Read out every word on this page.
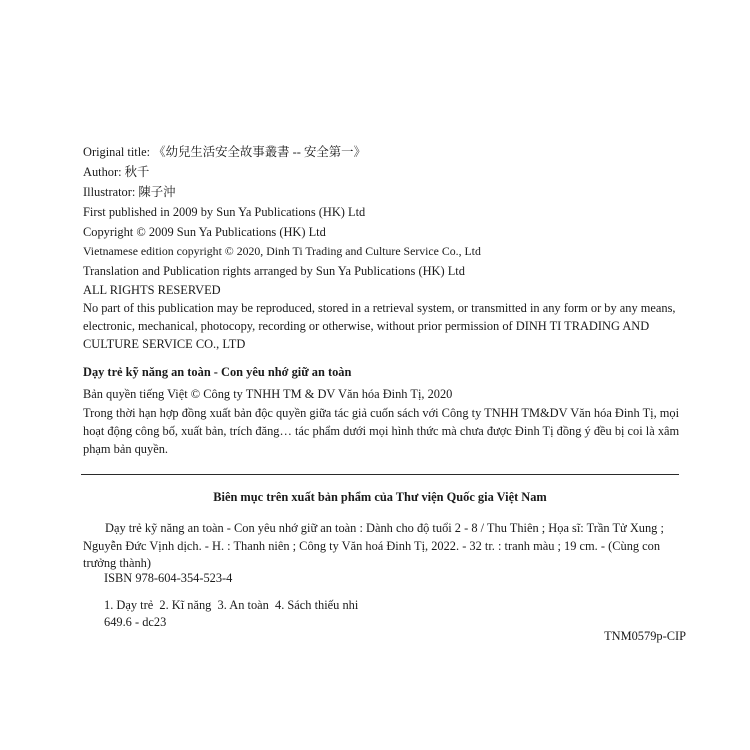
Original title: 《幼兒生活安全故事叢書 -- 安全第一》
Author: 秋千
Illustrator: 陳子沖
First published in 2009 by Sun Ya Publications (HK) Ltd
Copyright © 2009 Sun Ya Publications (HK) Ltd
Vietnamese edition copyright © 2020, Dinh Ti Trading and Culture Service Co., Ltd
Translation and Publication rights arranged by Sun Ya Publications (HK) Ltd
ALL RIGHTS RESERVED
No part of this publication may be reproduced, stored in a retrieval system, or transmitted in any form or by any means, electronic, mechanical, photocopy, recording or otherwise, without prior permission of DINH TI TRADING AND CULTURE SERVICE CO., LTD
Dạy trẻ kỹ năng an toàn - Con yêu nhớ giữ an toàn
Bản quyền tiếng Việt © Công ty TNHH TM & DV Văn hóa Đinh Tị, 2020
Trong thời hạn hợp đồng xuất bản độc quyền giữa tác giả cuốn sách với Công ty TNHH TM&DV Văn hóa Đinh Tị, mọi hoạt động công bố, xuất bản, trích đăng… tác phẩm dưới mọi hình thức mà chưa được Đinh Tị đồng ý đều bị coi là xâm phạm bản quyền.
Biên mục trên xuất bản phẩm của Thư viện Quốc gia Việt Nam
Dạy trẻ kỹ năng an toàn - Con yêu nhớ giữ an toàn : Dành cho độ tuổi 2 - 8 / Thu Thiên ; Họa sĩ: Trần Tử Xung ; Nguyễn Đức Vịnh dịch. - H. : Thanh niên ; Công ty Văn hoá Đinh Tị, 2022. - 32 tr. : tranh màu ; 19 cm. - (Cùng con trưởng thành)
ISBN 978-604-354-523-4
1. Dạy trẻ  2. Kĩ năng  3. An toàn  4. Sách thiếu nhi
649.6 - dc23
TNM0579p-CIP
